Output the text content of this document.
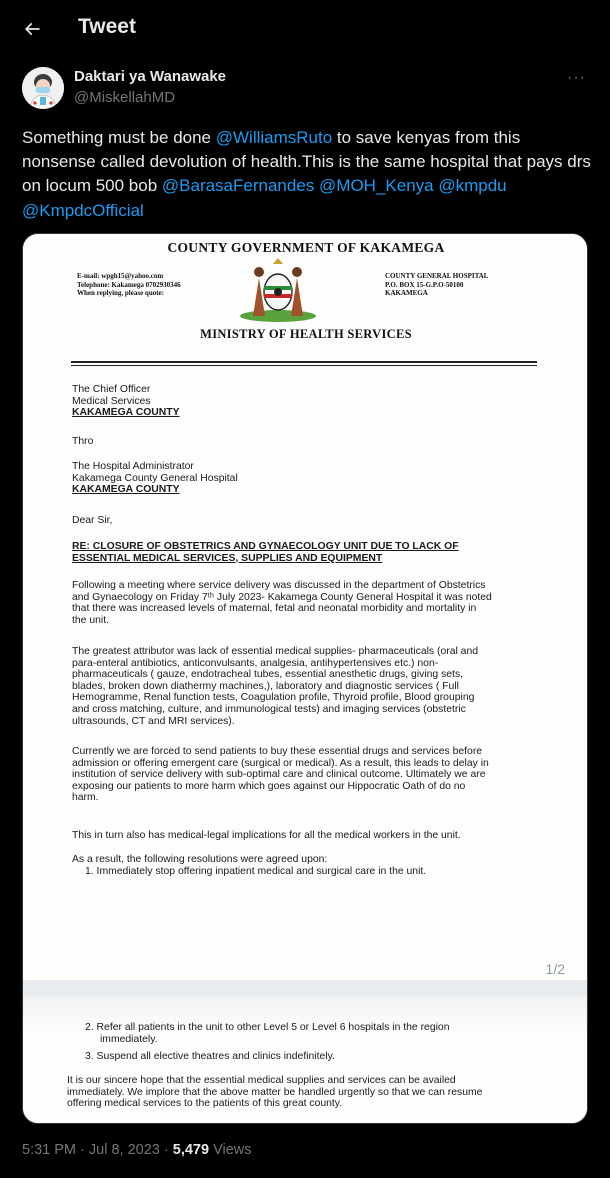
Tweet
Daktari ya Wanawake
@MiskellahMD
···
Something must be done @WilliamsRuto to save kenyas from this nonsense called devolution of health.This is the same hospital that pays drs on locum 500 bob @BarasaFernandes @MOH_Kenya @kmpdu @KmpdcOfficial
COUNTY GOVERNMENT OF KAKAMEGA
E-mail: wpgh15@yahoo.com
Telephone: Kakamega 0702930346
When replying, please quote:
COUNTY GENERAL HOSPITAL
P.O. BOX 15-G.P.O-50100
KAKAMEGA
MINISTRY OF HEALTH SERVICES
The Chief Officer
Medical Services
KAKAMEGA COUNTY
Thro
The Hospital Administrator
Kakamega County General Hospital
KAKAMEGA COUNTY
Dear Sir,
RE: CLOSURE OF OBSTETRICS AND GYNAECOLOGY UNIT DUE TO LACK OF
ESSENTIAL MEDICAL SERVICES, SUPPLIES AND EQUIPMENT
Following a meeting where service delivery was discussed in the department of Obstetrics
and Gynaecology on Friday 7ᵗʰ July 2023- Kakamega County General Hospital it was noted
that there was increased levels of maternal, fetal and neonatal morbidity and mortality in
the unit.
The greatest attributor was lack of essential medical supplies- pharmaceuticals (oral and
para-enteral antibiotics, anticonvulsants, analgesia, antihypertensives etc.) non-
pharmaceuticals ( gauze, endotracheal tubes, essential anesthetic drugs, giving sets,
blades, broken down diathermy machines,), laboratory and diagnostic services ( Full
Hemogramme, Renal function tests, Coagulation profile, Thyroid profile, Blood grouping
and cross matching, culture, and immunological tests) and imaging services (obstetric
ultrasounds, CT and MRI services).
Currently we are forced to send patients to buy these essential drugs and services before
admission or offering emergent care (surgical or medical). As a result, this leads to delay in
institution of service delivery with sub-optimal care and clinical outcome. Ultimately we are
exposing our patients to more harm which goes against our Hippocratic Oath of do no
harm.
This in turn also has medical-legal implications for all the medical workers in the unit.
As a result, the following resolutions were agreed upon:
1. Immediately stop offering inpatient medical and surgical care in the unit.
1/2
2. Refer all patients in the unit to other Level 5 or Level 6 hospitals in the region
immediately.
3. Suspend all elective theatres and clinics indefinitely.
It is our sincere hope that the essential medical supplies and services can be availed
immediately. We implore that the above matter be handled urgently so that we can resume
offering medical services to the patients of this great county.
5:31 PM · Jul 8, 2023 · 5,479 Views
